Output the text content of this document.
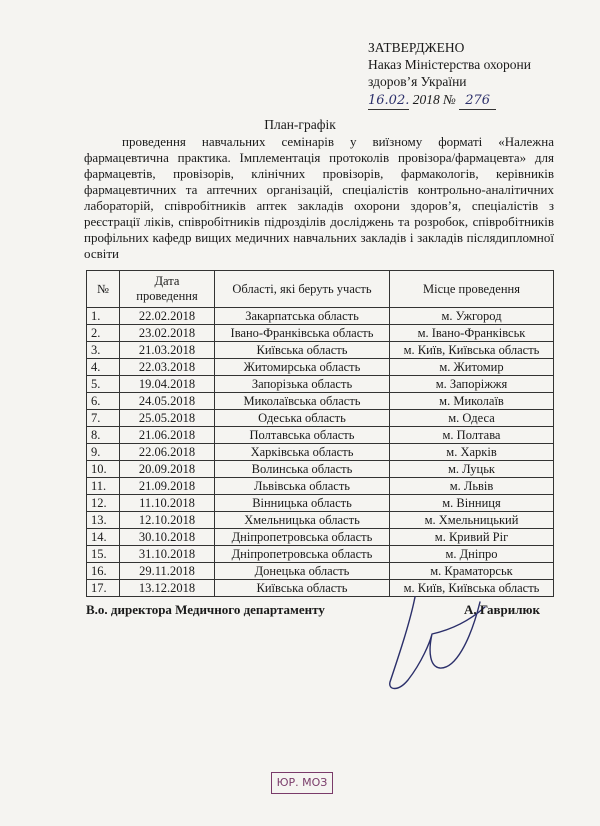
ЗАТВЕРДЖЕНО
Наказ Міністерства охорони
здоров’я України
16.02. 2018 № 276
План-графік
проведення навчальних семінарів у виїзному форматі «Належна фармацевтична практика. Імплементація протоколів провізора/фармацевта» для фармацевтів, провізорів, клінічних провізорів, фармакологів, керівників фармацевтичних та аптечних організацій, спеціалістів контрольно-аналітичних лабораторій, співробітників аптек закладів охорони здоров’я, спеціалістів з реєстрації ліків, співробітників підрозділів досліджень та розробок, співробітників профільних кафедр вищих медичних навчальних закладів і закладів післядипломної освіти
№	Дата проведення	Області, які беруть участь	Місце проведення
1.	22.02.2018	Закарпатська область	м. Ужгород
2.	23.02.2018	Івано-Франківська область	м. Івано-Франківськ
3.	21.03.2018	Київська область	м. Київ, Київська область
4.	22.03.2018	Житомирська область	м. Житомир
5.	19.04.2018	Запорізька область	м. Запоріжжя
6.	24.05.2018	Миколаївська область	м. Миколаїв
7.	25.05.2018	Одеська область	м. Одеса
8.	21.06.2018	Полтавська область	м. Полтава
9.	22.06.2018	Харківська область	м. Харків
10.	20.09.2018	Волинська область	м. Луцьк
11.	21.09.2018	Львівська область	м. Львів
12.	11.10.2018	Вінницька область	м. Вінниця
13.	12.10.2018	Хмельницька область	м. Хмельницький
14.	30.10.2018	Дніпропетровська область	м. Кривий Ріг
15.	31.10.2018	Дніпропетровська область	м. Дніпро
16.	29.11.2018	Донецька область	м. Краматорськ
17.	13.12.2018	Київська область	м. Київ, Київська область
В.о. директора Медичного департаменту	А. Гаврилюк
ЮР. МОЗ
